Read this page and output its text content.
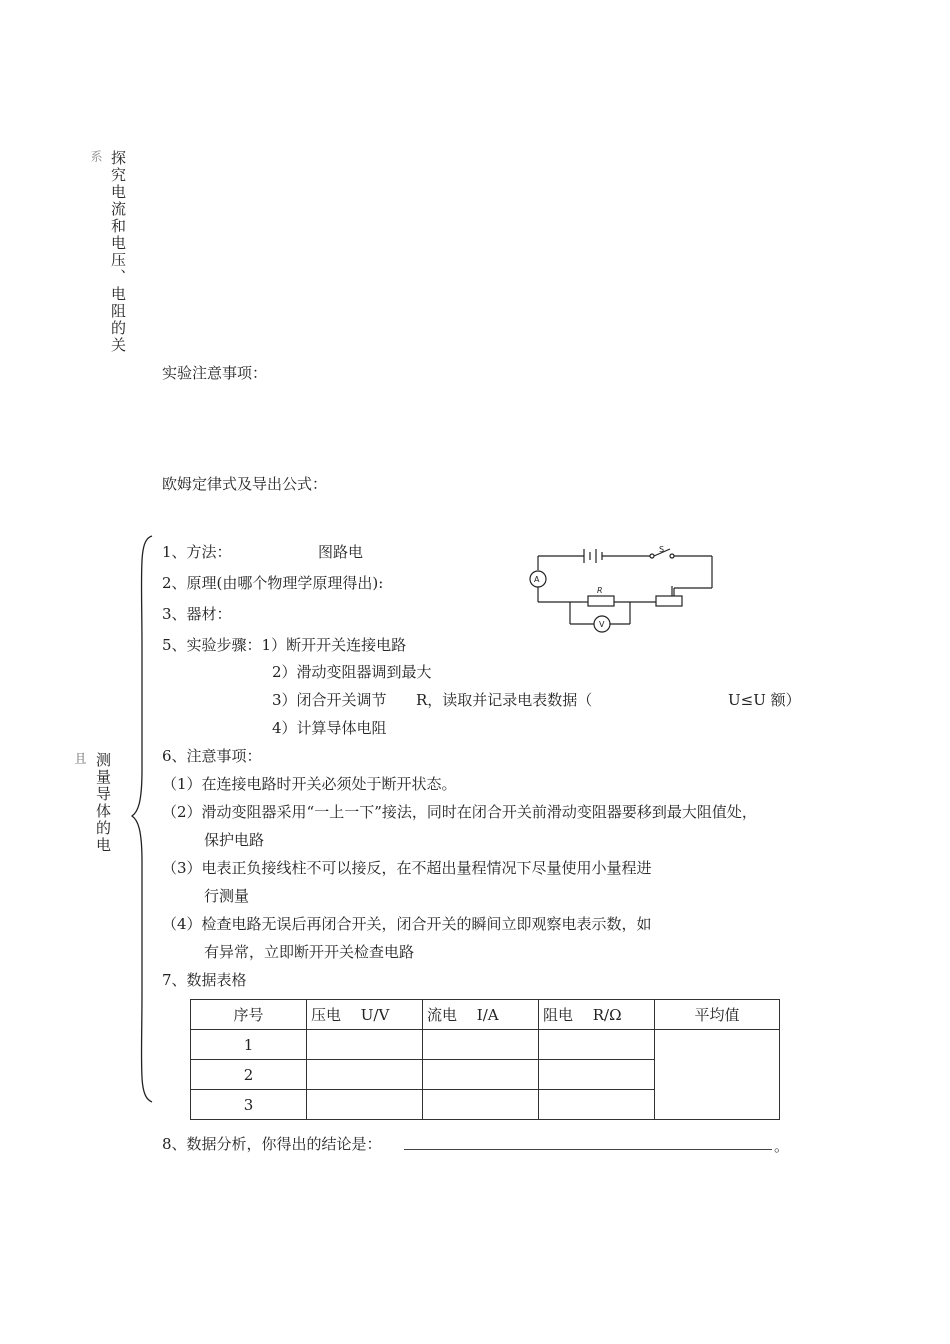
系 探究电流和电压、电阻的关
且 测量导体的电
实验注意事项：
欧姆定律式及导出公式：
1、方法：	图路电
2、原理(由哪个物理学原理得出):
3、器材：
5、实验步骤：1）断开开关连接电路
2）滑动变阻器调到最大
3）闭合开关调节 R，读取并记录电表数据（	U≤U 额）
4）计算导体电阻
6、注意事项：
（1）在连接电路时开关必须处于断开状态。
（2）滑动变阻器采用“一上一下”接法，同时在闭合开关前滑动变阻器要移到最大阻值处，
保护电路
（3）电表正负接线柱不可以接反，在不超出量程情况下尽量使用小量程进
行测量
（4）检查电路无误后再闭合开关，闭合开关的瞬间立即观察电表示数，如
有异常，立即断开开关检查电路
7、数据表格
S
R
A
V
序号	压电　 U/V	流电　 I/A	阻电　 R/Ω	平均值
1				
2				
3				
8、数据分析，你得出的结论是：	。
